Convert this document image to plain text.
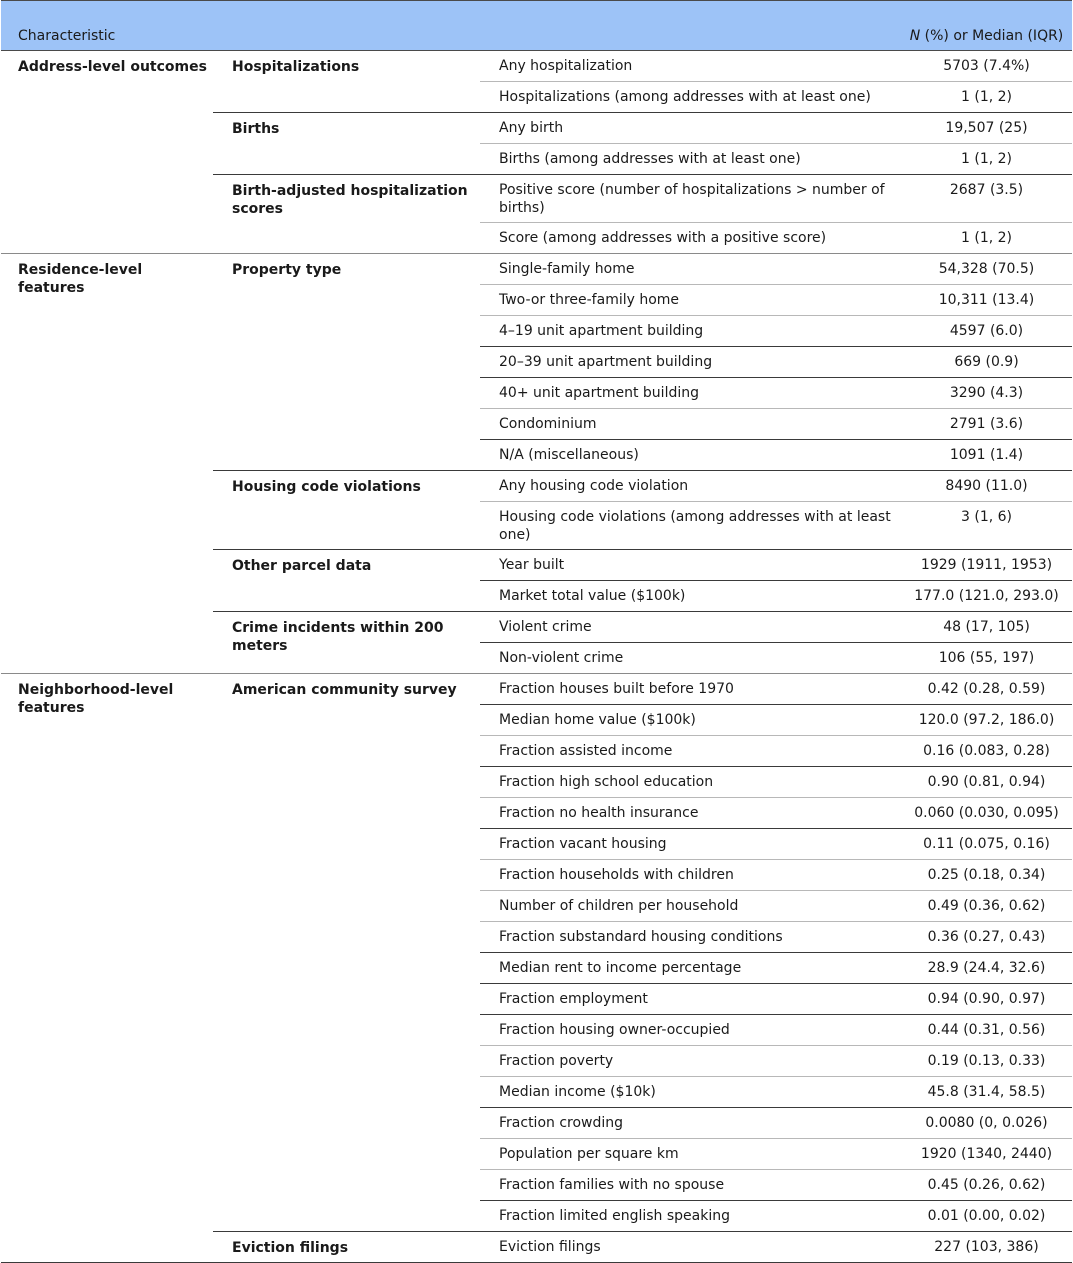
Characteristic			N (%) or Median (IQR)
Address-level outcomes	Hospitalizations	Any hospitalization	5703 (7.4%)
		Hospitalizations (among addresses with at least one)	1 (1, 2)
	Births	Any birth	19,507 (25)
		Births (among addresses with at least one)	1 (1, 2)
	Birth-adjusted hospitalization scores	Positive score (number of hospitalizations > number of births)	2687 (3.5)
		Score (among addresses with a positive score)	1 (1, 2)
Residence-level features	Property type	Single-family home	54,328 (70.5)
		Two-or three-family home	10,311 (13.4)
		4–19 unit apartment building	4597 (6.0)
		20–39 unit apartment building	669 (0.9)
		40+ unit apartment building	3290 (4.3)
		Condominium	2791 (3.6)
		N/A (miscellaneous)	1091 (1.4)
	Housing code violations	Any housing code violation	8490 (11.0)
		Housing code violations (among addresses with at least one)	3 (1, 6)
	Other parcel data	Year built	1929 (1911, 1953)
		Market total value ($100k)	177.0 (121.0, 293.0)
	Crime incidents within 200 meters	Violent crime	48 (17, 105)
		Non-violent crime	106 (55, 197)
Neighborhood-level features	American community survey	Fraction houses built before 1970	0.42 (0.28, 0.59)
		Median home value ($100k)	120.0 (97.2, 186.0)
		Fraction assisted income	0.16 (0.083, 0.28)
		Fraction high school education	0.90 (0.81, 0.94)
		Fraction no health insurance	0.060 (0.030, 0.095)
		Fraction vacant housing	0.11 (0.075, 0.16)
		Fraction households with children	0.25 (0.18, 0.34)
		Number of children per household	0.49 (0.36, 0.62)
		Fraction substandard housing conditions	0.36 (0.27, 0.43)
		Median rent to income percentage	28.9 (24.4, 32.6)
		Fraction employment	0.94 (0.90, 0.97)
		Fraction housing owner-occupied	0.44 (0.31, 0.56)
		Fraction poverty	0.19 (0.13, 0.33)
		Median income ($10k)	45.8 (31.4, 58.5)
		Fraction crowding	0.0080 (0, 0.026)
		Population per square km	1920 (1340, 2440)
		Fraction families with no spouse	0.45 (0.26, 0.62)
		Fraction limited english speaking	0.01 (0.00, 0.02)
	Eviction filings	Eviction filings	227 (103, 386)
